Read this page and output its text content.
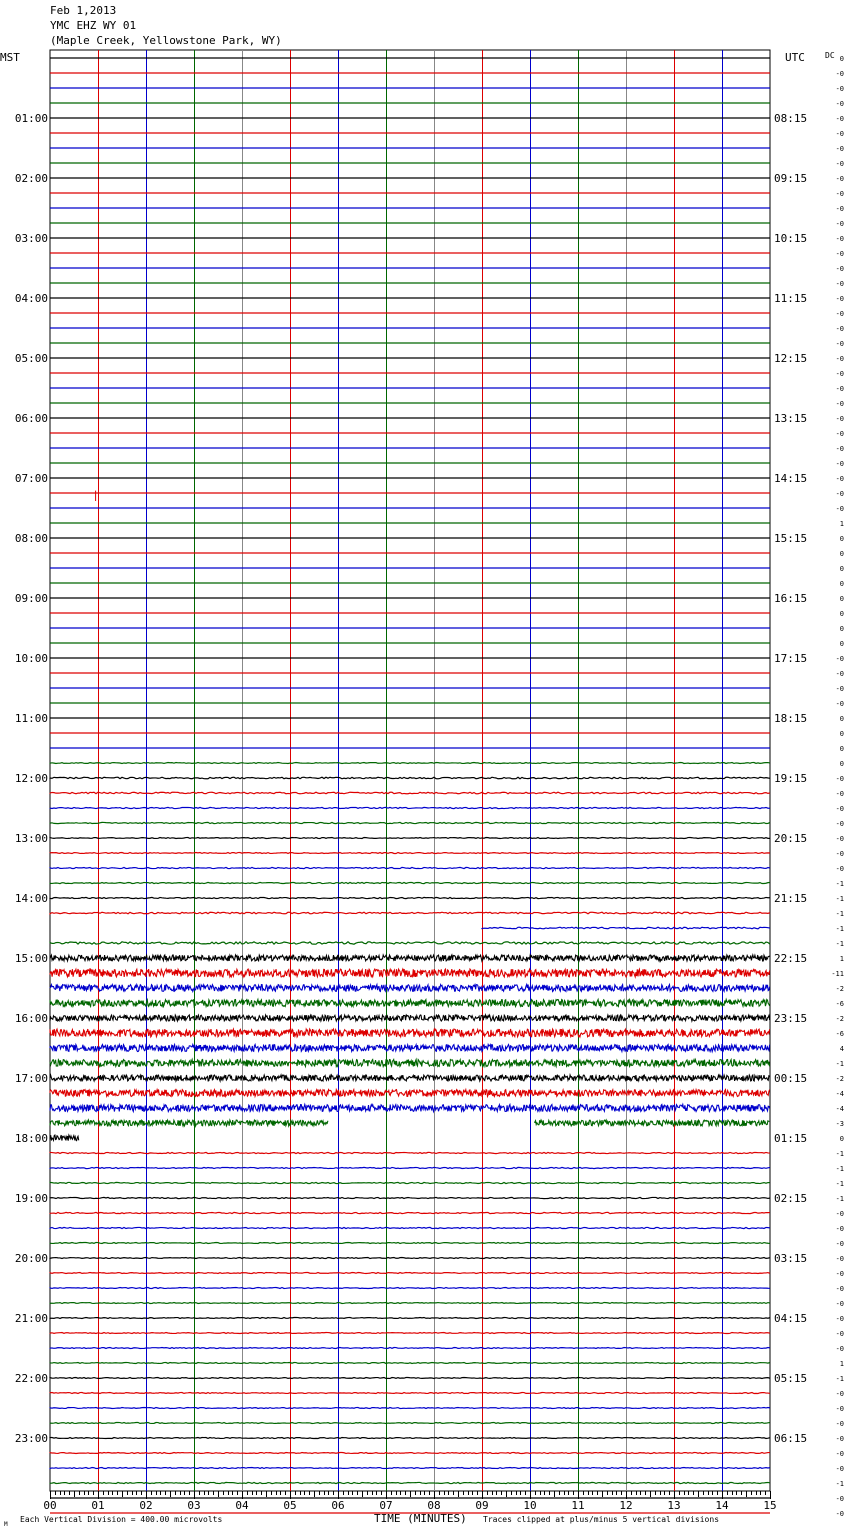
Feb 1,2013
YMC EHZ WY 01
(Maple Creek, Yellowstone Park, WY)
MST	UTC	DC
01:00
02:00
03:00
04:00
05:00
06:00
07:00
08:00
09:00
10:00
11:00
12:00
13:00
14:00
15:00
16:00
17:00
18:00
19:00
20:00
21:00
22:00
23:00
08:15
09:15
10:15
11:15
12:15
13:15
14:15
15:15
16:15
17:15
18:15
19:15
20:15
21:15
22:15
23:15
00:15
01:15
02:15
03:15
04:15
05:15
06:15
0
-0
-0
-0
-0
-0
-0
-0
-0
-0
-0
-0
-0
-0
-0
-0
-0
-0
-0
-0
-0
-0
-0
-0
-0
-0
-0
-0
-0
-0
-0
1
0
0
0
0
0
0
0
0
-0
-0
-0
-0
0
0
0
0
-0
-0
-0
-0
-0
-0
-0
-1
-1
-1
-1
-1
1
-11
-2
-6
-2
-6
4
-1
-2
-4
-4
-3
0
-1
-1
-1
-1
-0
-0
-0
-0
-0
-0
-0
-0
-0
-0
1
-1
-0
-0
-0
-0
-0
-0
-1
-0
-0
00	01	02	03	04	05	06	07	08	09	10	11	12	13	14	15
M
Each Vertical Division = 400.00 microvolts	TIME (MINUTES) Traces clipped at plus/minus 5 vertical divisions
